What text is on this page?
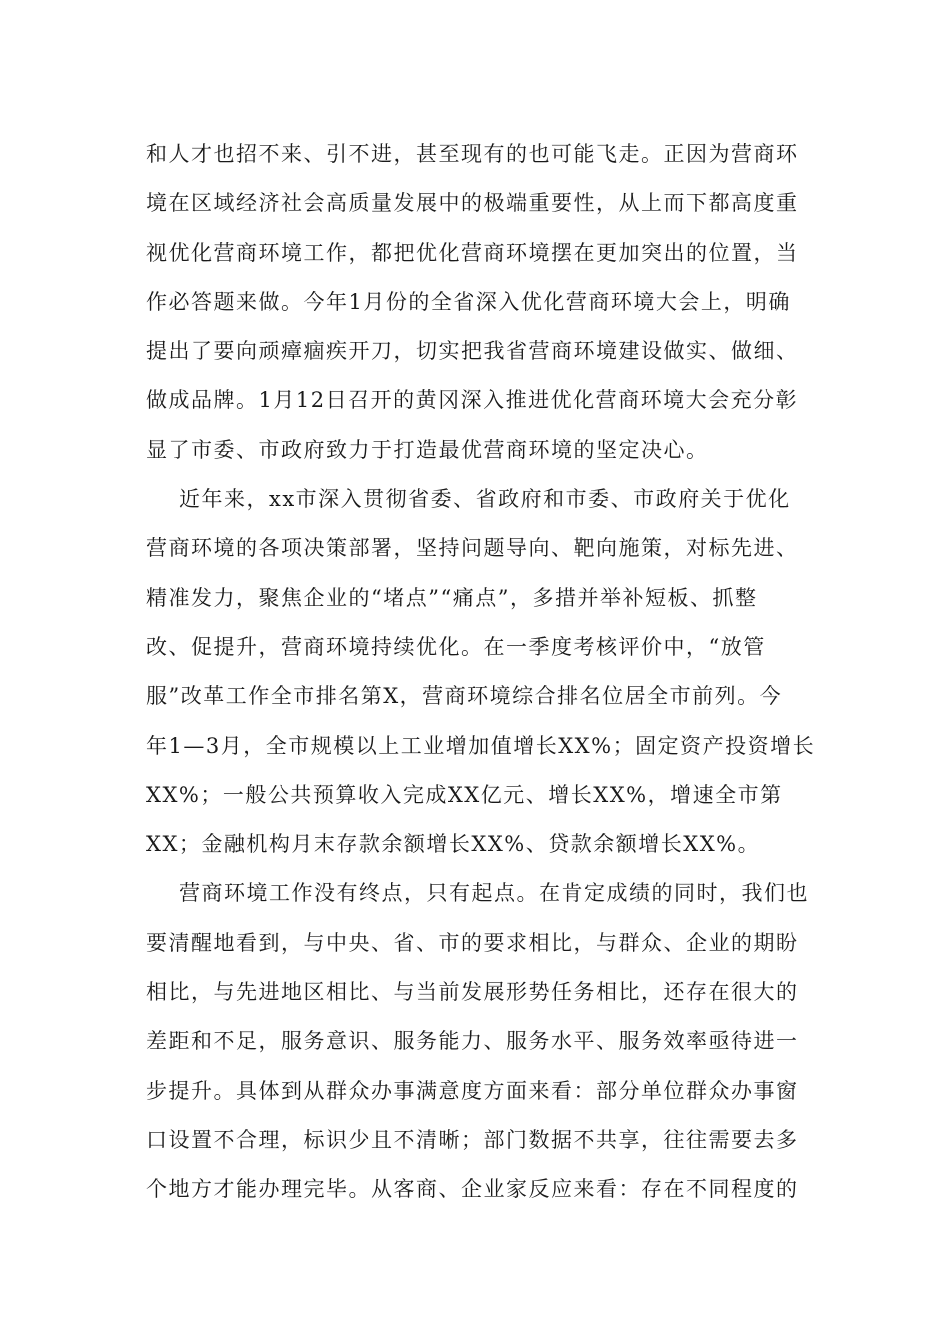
和人才也招不来、引不进，甚至现有的也可能飞走。正因为营商环
境在区域经济社会高质量发展中的极端重要性，从上而下都高度重
视优化营商环境工作，都把优化营商环境摆在更加突出的位置，当
作必答题来做。今年1月份的全省深入优化营商环境大会上，明确
提出了要向顽瘴痼疾开刀，切实把我省营商环境建设做实、做细、
做成品牌。1月12日召开的黄冈深入推进优化营商环境大会充分彰
显了市委、市政府致力于打造最优营商环境的坚定决心。
近年来，xx市深入贯彻省委、省政府和市委、市政府关于优化
营商环境的各项决策部署，坚持问题导向、靶向施策，对标先进、
精准发力，聚焦企业的“堵点”“痛点”，多措并举补短板、抓整
改、促提升，营商环境持续优化。在一季度考核评价中，“放管
服”改革工作全市排名第X，营商环境综合排名位居全市前列。今
年1—3月，全市规模以上工业增加值增长XX%；固定资产投资增长
XX%；一般公共预算收入完成XX亿元、增长XX%，增速全市第
XX；金融机构月末存款余额增长XX%、贷款余额增长XX%。
营商环境工作没有终点，只有起点。在肯定成绩的同时，我们也
要清醒地看到，与中央、省、市的要求相比，与群众、企业的期盼
相比，与先进地区相比、与当前发展形势任务相比，还存在很大的
差距和不足，服务意识、服务能力、服务水平、服务效率亟待进一
步提升。具体到从群众办事满意度方面来看：部分单位群众办事窗
口设置不合理，标识少且不清晰；部门数据不共享，往往需要去多
个地方才能办理完毕。从客商、企业家反应来看：存在不同程度的
